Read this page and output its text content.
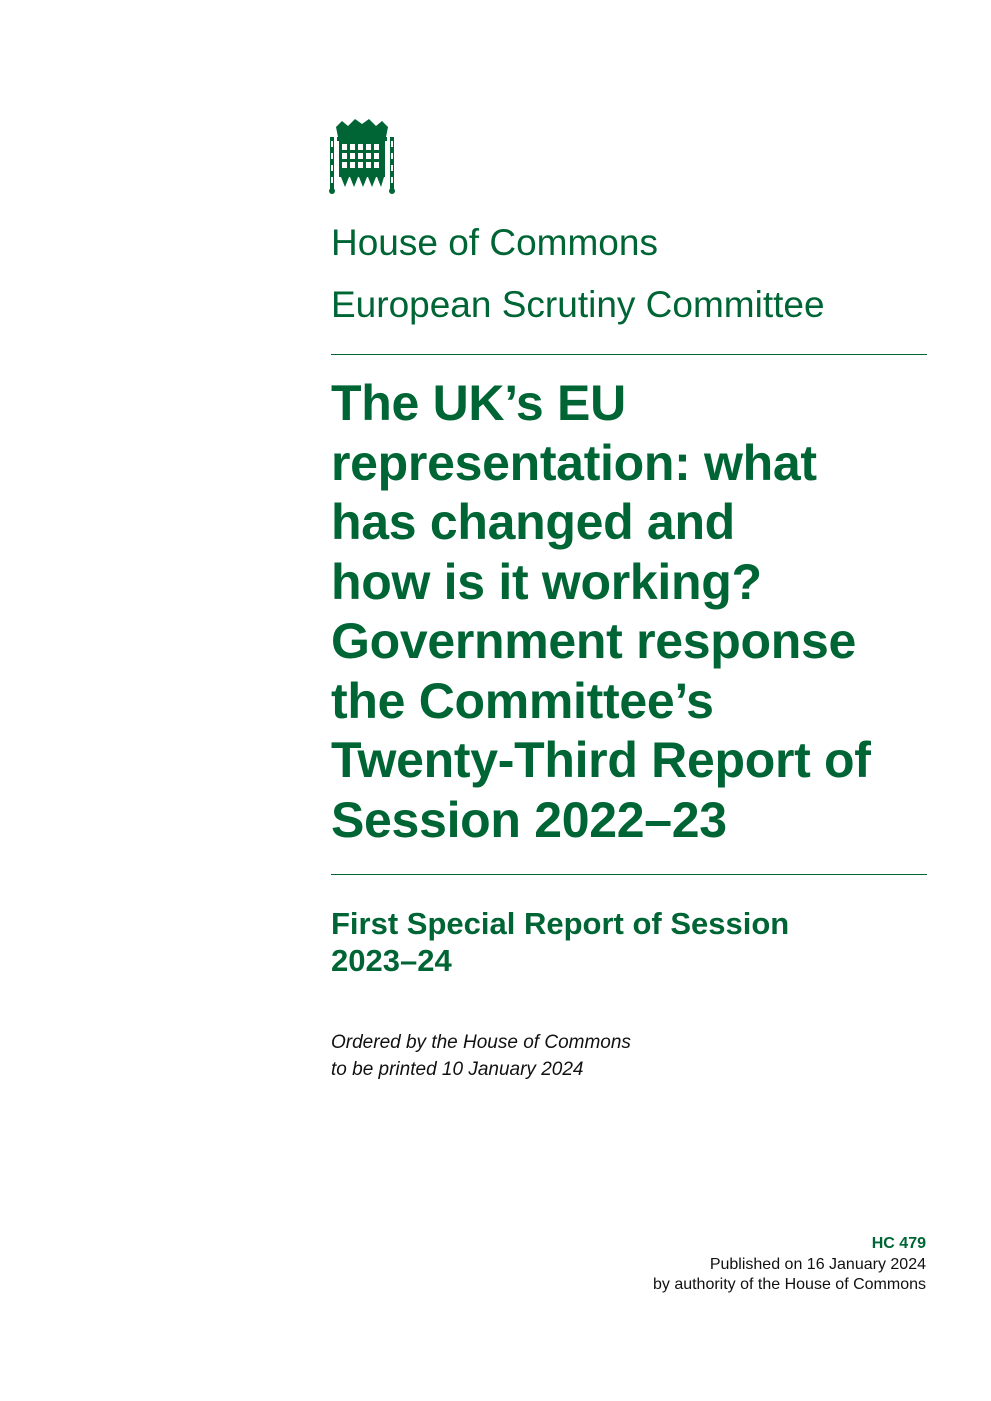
House of Commons
European Scrutiny Committee
The UK’s EU
representation: what
has changed and
how is it working?
Government response
the Committee’s
Twenty-Third Report of
Session 2022–23
First Special Report of Session
2023–24
Ordered by the House of Commons
to be printed 10 January 2024
HC 479
Published on 16 January 2024
by authority of the House of Commons
